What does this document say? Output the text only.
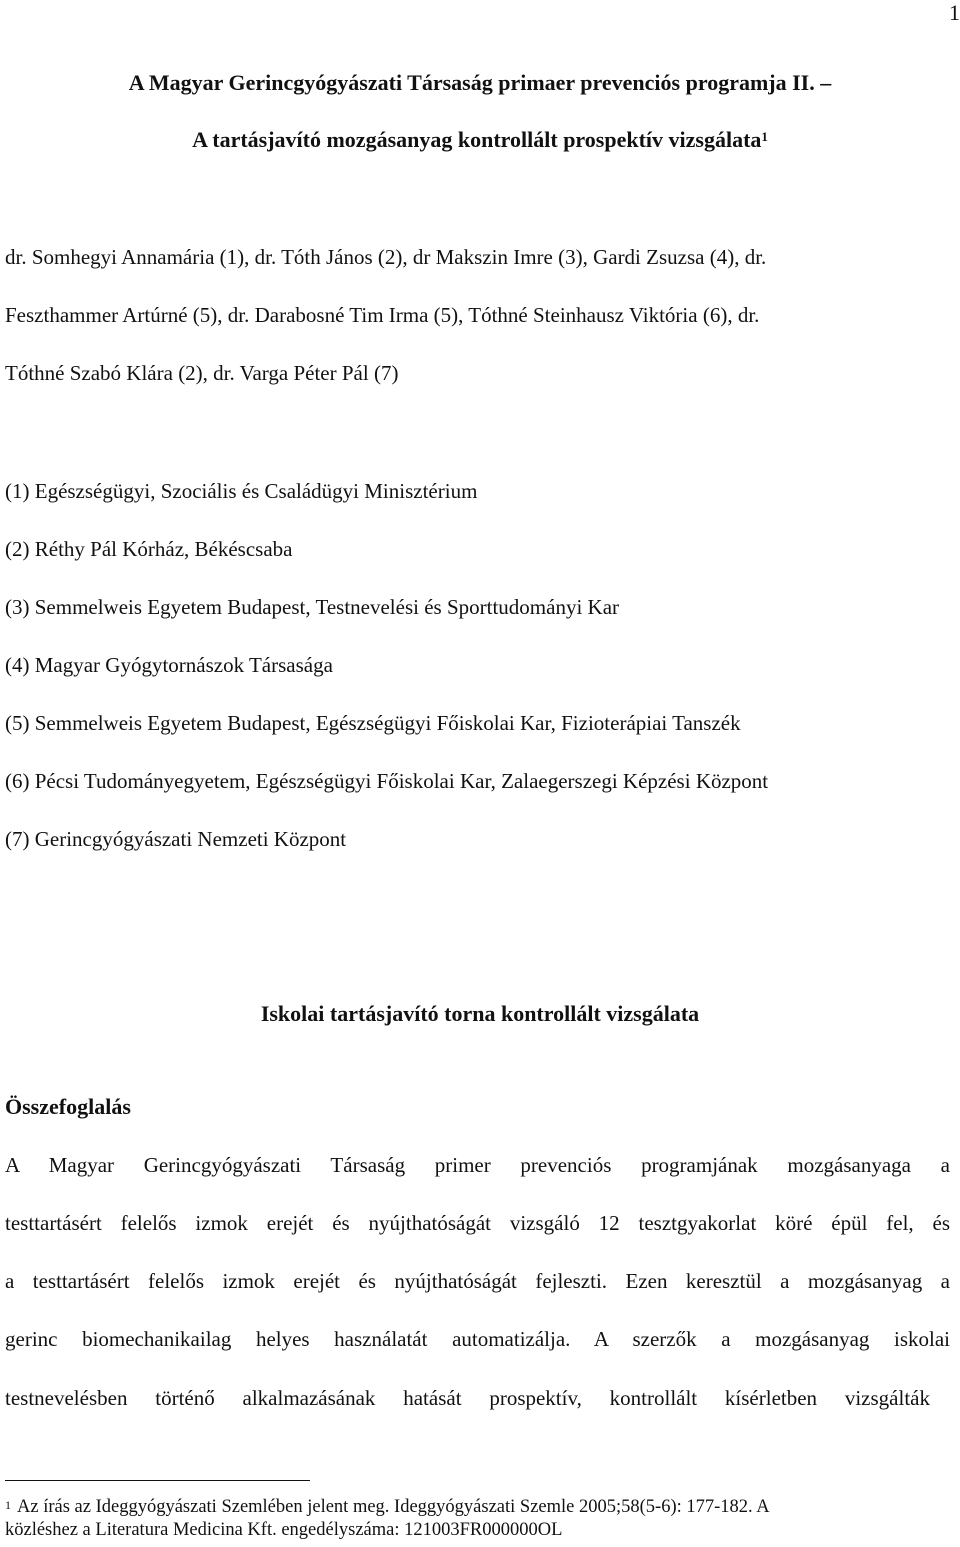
1
A Magyar Gerincgyógyászati Társaság primaer prevenciós programja II. –
A tartásjavító mozgásanyag kontrollált prospektív vizsgálata$^1$
dr. Somhegyi Annamária (1), dr. Tóth János (2), dr Makszin Imre (3), Gardi Zsuzsa (4), dr.
Feszthammer Artúrné (5), dr. Darabosné Tim Irma (5), Tóthné Steinhausz Viktória (6), dr.
Tóthné Szabó Klára (2), dr. Varga Péter Pál (7)
(1) Egészségügyi, Szociális és Családügyi Minisztérium
(2) Réthy Pál Kórház, Békéscsaba
(3) Semmelweis Egyetem Budapest, Testnevelési és Sporttudományi Kar
(4) Magyar Gyógytornászok Társasága
(5) Semmelweis Egyetem Budapest, Egészségügyi Főiskolai Kar, Fizioterápiai Tanszék
(6) Pécsi Tudományegyetem, Egészségügyi Főiskolai Kar, Zalaegerszegi Képzési Központ
(7) Gerincgyógyászati Nemzeti Központ
Iskolai tartásjavító torna kontrollált vizsgálata
Összefoglalás
A Magyar Gerincgyógyászati Társaság primer prevenciós programjának mozgásanyaga a
testtartásért felelős izmok erejét és nyújthatóságát vizsgáló 12 tesztgyakorlat köré épül fel, és
a testtartásért felelős izmok erejét és nyújthatóságát fejleszti. Ezen keresztül a mozgásanyag a
gerinc biomechanikailag helyes használatát automatizálja. A szerzők a mozgásanyag iskolai
testnevelésben történő alkalmazásának hatását prospektív, kontrollált kísérletben vizsgálták
$^1$ Az írás az Ideggyógyászati Szemlében jelent meg. Ideggyógyászati Szemle 2005;58(5-6): 177-182. A
közléshez a Literatura Medicina Kft. engedélyszáma: 121003FR000000OL
